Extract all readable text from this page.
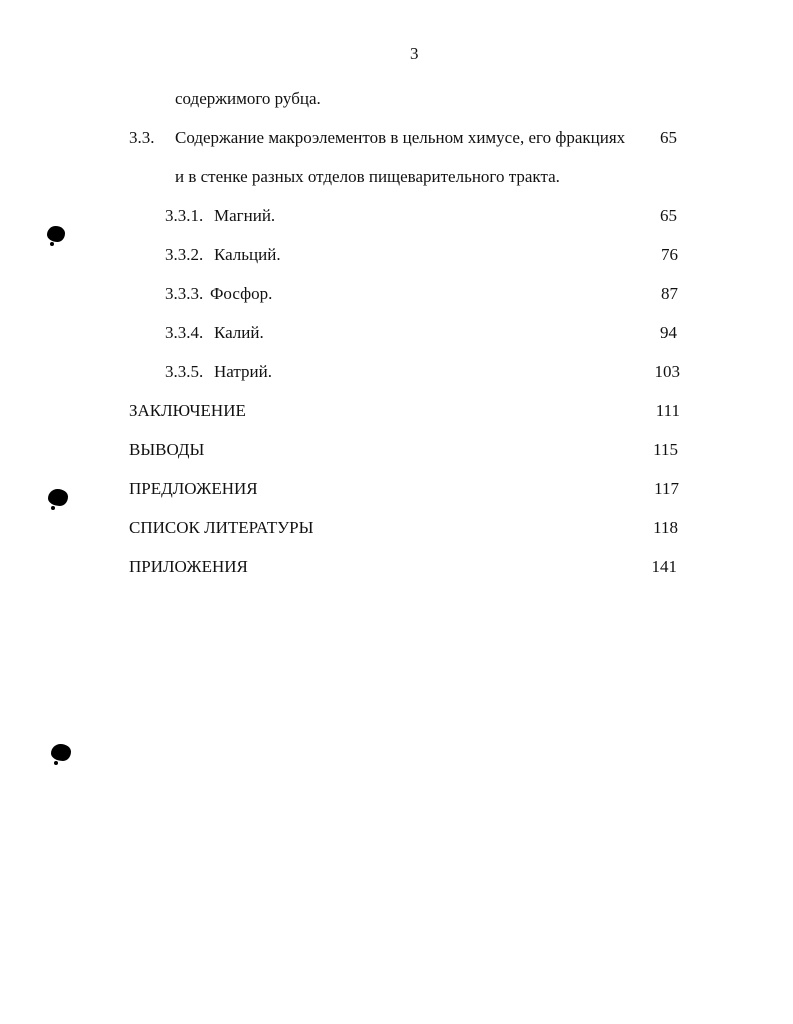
3
содержимого рубца.
3.3. Содержание макроэлементов в цельном химусе, его фракциях	65
и в стенке разных отделов пищеварительного тракта.
3.3.1. Магний.	65
3.3.2. Кальций.	76
3.3.3. Фосфор.	87
3.3.4. Калий.	94
3.3.5. Натрий.	103
ЗАКЛЮЧЕНИЕ	111
ВЫВОДЫ	115
ПРЕДЛОЖЕНИЯ	117
СПИСОК ЛИТЕРАТУРЫ	118
ПРИЛОЖЕНИЯ	141
